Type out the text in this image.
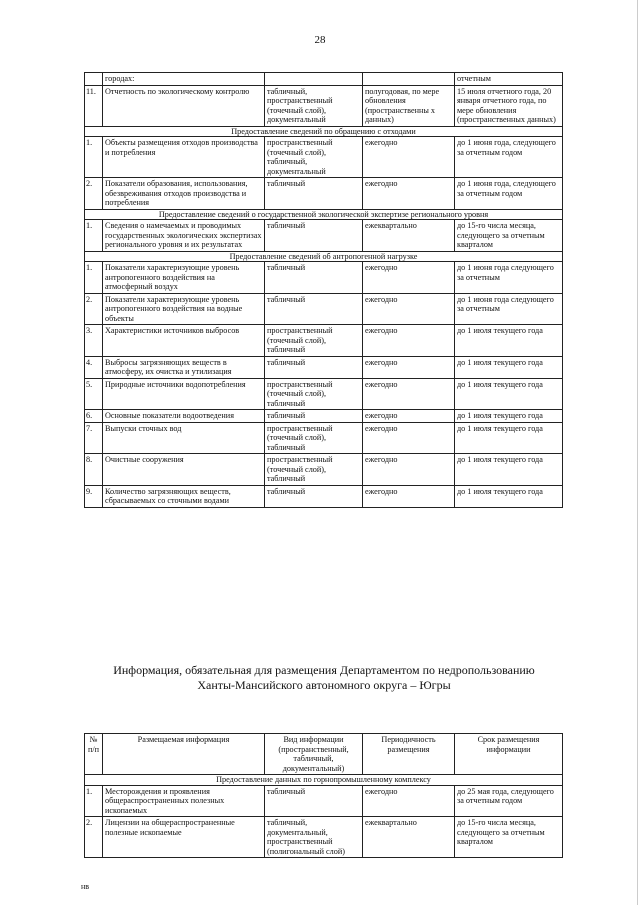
28
	городах:			отчетным
11.	Отчетность по экологическому контролю	табличный, пространственный (точечный слой), документальный	полугодовая, по мере обновления (пространственны х данных)	15 июля отчетного года, 20 января отчетного года, по мере обновления (пространственных данных)
Предоставление сведений по обращению с отходами				
1.	Объекты размещения отходов производства и потребления	пространственный (точечный слой), табличный, документальный	ежегодно	до 1 июня года, следующего за отчетным годом
2.	Показатели образования, использования, обезвреживания отходов производства и потребления	табличный	ежегодно	до 1 июня года, следующего за отчетным годом
Предоставление сведений о государственной экологической экспертизе регионального уровня				
1.	Сведения о намечаемых и проводимых государственных экологических экспертизах регионального уровня и их результатах	табличный	ежеквартально	до 15-го числа месяца, следующего за отчетным кварталом
Предоставление сведений об антропогенной нагрузке				
1.	Показатели характеризующие уровень антропогенного воздействия на атмосферный воздух	табличный	ежегодно	до 1 июня года следующего за отчетным
2.	Показатели характеризующие уровень антропогенного воздействия на водные объекты	табличный	ежегодно	до 1 июня года следующего за отчетным
3.	Характеристики источников выбросов	пространственный (точечный слой), табличный	ежегодно	до 1 июля текущего года
4.	Выбросы загрязняющих веществ в атмосферу, их очистка и утилизация	табличный	ежегодно	до 1 июля текущего года
5.	Природные источники водопотребления	пространственный (точечный слой), табличный	ежегодно	до 1 июля текущего года
6.	Основные показатели водоотведения	табличный	ежегодно	до 1 июля текущего года
7.	Выпуски сточных вод	пространственный (точечный слой), табличный	ежегодно	до 1 июля текущего года
8.	Очистные сооружения	пространственный (точечный слой), табличный	ежегодно	до 1 июля текущего года
9.	Количество загрязняющих веществ, сбрасываемых со сточными водами	табличный	ежегодно	до 1 июля текущего года
Информация, обязательная для размещения Департаментом по недропользованию
Ханты-Мансийского автономного округа – Югры
№ п/п	Размещаемая информация	Вид информации (пространственный, табличный, документальный)	Периодичность размещения	Срок размещения информации
Предоставление данных по горнопромышленному комплексу				
1.	Месторождения и проявления общераспространенных полезных ископаемых	табличный	ежегодно	до 25 мая года, следующего за отчетным годом
2.	Лицензии на общераспространенные полезные ископаемые	табличный, документальный, пространственный (полигональный слой)	ежеквартально	до 15-го числа месяца, следующего за отчетным кварталом
нв
